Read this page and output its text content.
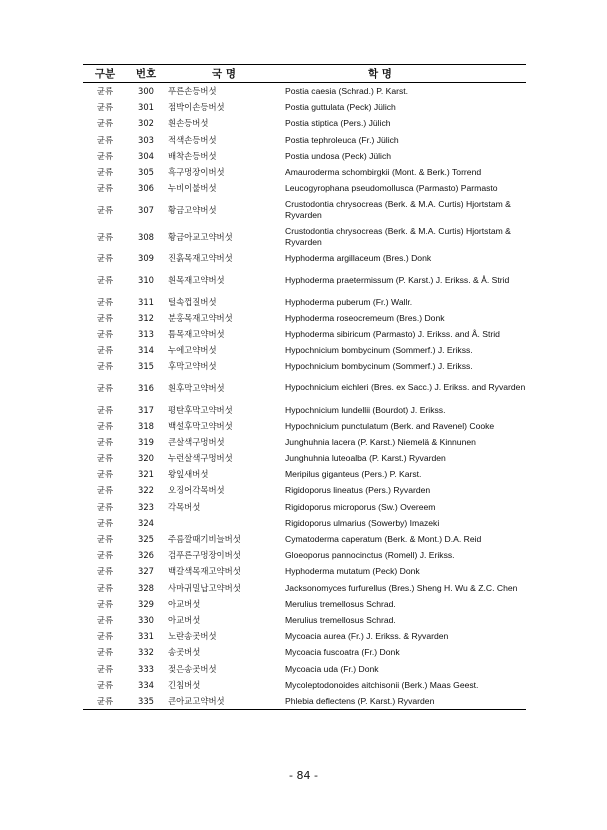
구분	번호	국 명	학 명
균류	300	푸른손등버섯	Postia caesia (Schrad.) P. Karst.
균류	301	점박이손등버섯	Postia guttulata (Peck) Jülich
균류	302	흰손등버섯	Postia stiptica (Pers.) Jülich
균류	303	적색손등버섯	Postia tephroleuca (Fr.) Jülich
균류	304	배착손등버섯	Postia undosa (Peck) Jülich
균류	305	흑구멍장이버섯	Amauroderma schombirgkii (Mont. & Berk.) Torrend
균류	306	누비이불버섯	Leucogyrophana pseudomollusca (Parmasto) Parmasto
균류	307	황금고약버섯	Crustodontia chrysocreas (Berk. & M.A. Curtis) Hjortstam & Ryvarden
균류	308	황금아교고약버섯	Crustodontia chrysocreas (Berk. & M.A. Curtis) Hjortstam & Ryvarden
균류	309	진흙목재고약버섯	Hyphoderma argillaceum (Bres.) Donk
균류	310	흰목재고약버섯	Hyphoderma praetermissum (P. Karst.) J. Erikss. & Å. Strid
균류	311	털속껍질버섯	Hyphoderma puberum (Fr.) Wallr.
균류	312	분홍목재고약버섯	Hyphoderma roseocremeum (Bres.) Donk
균류	313	틈목재고약버섯	Hyphoderma sibiricum (Parmasto) J. Erikss. and Å. Strid
균류	314	누에고약버섯	Hypochnicium bombycinum (Sommerf.) J. Erikss.
균류	315	후막고약버섯	Hypochnicium bombycinum (Sommerf.) J. Erikss.
균류	316	흰후막고약버섯	Hypochnicium eichleri (Bres. ex Sacc.) J. Erikss. and Ryvarden
균류	317	평탄후막고약버섯	Hypochnicium lundellii (Bourdot) J. Erikss.
균류	318	백설후막고약버섯	Hypochnicium punctulatum (Berk. and Ravenel) Cooke
균류	319	큰살색구멍버섯	Junghuhnia lacera (P. Karst.) Niemelä & Kinnunen
균류	320	누런살색구멍버섯	Junghuhnia luteoalba (P. Karst.) Ryvarden
균류	321	왕잎새버섯	Meripilus giganteus (Pers.) P. Karst.
균류	322	오징어각목버섯	Rigidoporus lineatus (Pers.) Ryvarden
균류	323	각목버섯	Rigidoporus microporus (Sw.) Overeem
균류	324		Rigidoporus ulmarius (Sowerby) Imazeki
균류	325	주름깔때기비늘버섯	Cymatoderma caperatum (Berk. & Mont.) D.A. Reid
균류	326	검푸른구멍장이버섯	Gloeoporus pannocinctus (Romell) J. Erikss.
균류	327	백갈색목재고약버섯	Hyphoderma mutatum (Peck) Donk
균류	328	사마귀밀납고약버섯	Jacksonomyces furfurellus (Bres.) Sheng H. Wu & Z.C. Chen
균류	329	아교버섯	Merulius tremellosus Schrad.
균류	330	아교버섯	Merulius tremellosus Schrad.
균류	331	노란송곳버섯	Mycoacia aurea (Fr.) J. Erikss. & Ryvarden
균류	332	송곳버섯	Mycoacia fuscoatra (Fr.) Donk
균류	333	젖은송곳버섯	Mycoacia uda (Fr.) Donk
균류	334	긴침버섯	Mycoleptodonoides aitchisonii (Berk.) Maas Geest.
균류	335	큰아교고약버섯	Phlebia deflectens (P. Karst.) Ryvarden
- 84 -
